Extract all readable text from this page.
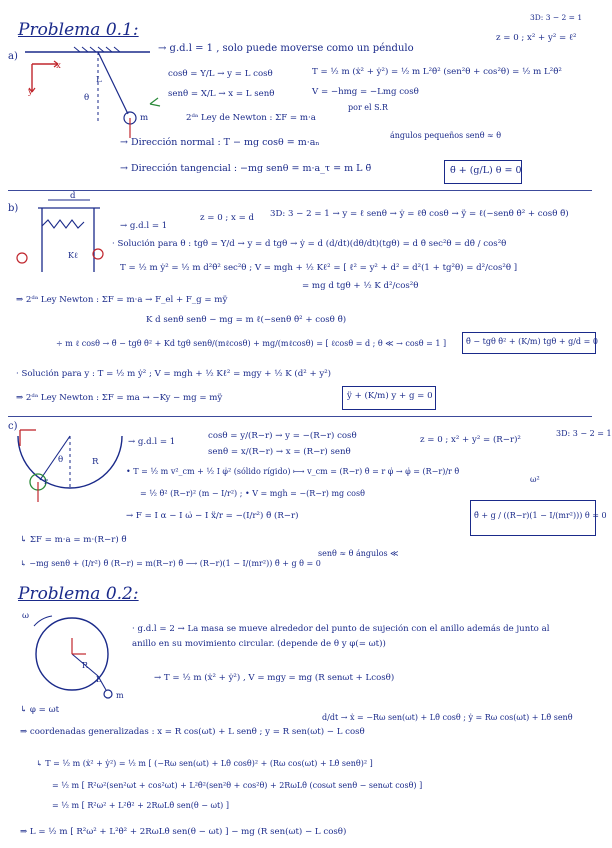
Problema 0.1:
3D: 3 − 2 = 1
a)
x
y
L
θ
m
→ g.d.l = 1 , solo puede moverse como un péndulo
z = 0 ; x² + y² = ℓ²
cosθ = Y/L → y = L cosθ
senθ = X/L → x = L senθ
T = ½ m (ẋ² + ẏ²) = ½ m L²θ̇² (sen²θ + cos²θ) = ½ m L²θ̇²
V = −hmg = −Lmg cosθ
por el S.R
2ᵈᵃ Ley de Newton : ΣF = m·a
→ Dirección normal : T − mg cosθ = m·aₙ
ángulos pequeños senθ ≈ θ
→ Dirección tangencial : −mg senθ = m·a_τ = m L θ̈	θ̈ + (g/L) θ = 0
b)
d
Kℓ
→ g.d.l = 1
z = 0 ; x = d 3D: 3 − 2 = 1 → y = ℓ senθ → ẏ = ℓθ̇ cosθ → ÿ = ℓ(−senθ θ̇² + cosθ θ̈)
· Solución para θ : tgθ = Y/d → y = d tgθ → ẏ = d (d/dt)(dθ/dt)(tgθ) = d θ̇ sec²θ = dθ̇ / cos²θ
T = ½ m ẏ² = ½ m d²θ̇² sec²θ ; V = mgh + ½ Kℓ² = [ ℓ² = y² + d² = d²(1 + tg²θ) = d²/cos²θ ]
= mg d tgθ + ½ K d²/cos²θ
⇒ 2ᵈᵃ Ley Newton : ΣF = m·a → F_el + F_g = mÿ
K d senθ senθ − mg = m ℓ(−senθ θ̇² + cosθ θ̈)
÷ m ℓ cosθ → θ̈ − tgθ θ̇² + Kd tgθ senθ/(mℓcosθ) + mg/(mℓcosθ) = [ ℓcosθ = d ; θ ≪ → cosθ = 1 ] θ̈ − tgθ θ̇² + (K/m) tgθ + g/d = 0
· Solución para y : T = ½ m ẏ² ; V = mgh + ½ Kℓ² = mgy + ½ K (d² + y²)
⇒ 2ᵈᵃ Ley Newton : ΣF = ma → −Ky − mg = mÿ	ÿ + (K/m) y + g = 0
c)
R
θ
r
→ g.d.l = 1
cosθ = y/(R−r) → y = −(R−r) cosθ
senθ = x/(R−r) → x = (R−r) senθ
z = 0 ; x² + y² = (R−r)²
3D: 3 − 2 = 1
• T = ½ m v²_cm + ½ I φ̇² (sólido rígido) ⟼ v_cm = (R−r) θ̇ = r φ̇ → φ̇ = (R−r)/r θ̇
= ½ θ̇² (R−r)² (m − I/r²) ; • V = mgh = −(R−r) mg cosθ
→ F = I α − I ω̇ − I ẍ/r = −(I/r²) θ̈ (R−r)
↳ ΣF = m·a = m·(R−r) θ̈
senθ ≈ θ ángulos ≪
↳ −mg senθ + (I/r²) θ̈ (R−r) = m(R−r) θ̈ ⟶ (R−r)(1 − I/(mr²)) θ̈ + g θ = 0
ω²
θ̈ + g / ((R−r)(1 − I/(mr²))) θ = 0
Problema 0.2:
ω
R
L
m
· g.d.l = 2 → La masa se mueve alrededor del punto de sujeción con el anillo además de junto al anillo en su movimiento circular. (depende de θ y φ(= ωt))
→ T = ½ m (ẋ² + ẏ²) , V = mgy = mg (R senωt + Lcosθ)
↳ φ = ωt
⇒ coordenadas generalizadas : x = R cos(ωt) + L senθ ; y = R sen(ωt) − L cosθ
d/dt → ẋ = −Rω sen(ωt) + Lθ̇ cosθ ; ẏ = Rω cos(ωt) + Lθ̇ senθ
↳ T = ½ m (ẋ² + ẏ²) = ½ m [ (−Rω sen(ωt) + Lθ̇ cosθ)² + (Rω cos(ωt) + Lθ̇ senθ)² ]
= ½ m [ R²ω²(sen²ωt + cos²ωt) + L²θ̇²(sen²θ + cos²θ) + 2RωLθ̇ (cosωt senθ − senωt cosθ) ]
= ½ m [ R²ω² + L²θ̇² + 2RωLθ̇ sen(θ − ωt) ]
⇒ L = ½ m [ R²ω² + L²θ̇² + 2RωLθ̇ sen(θ − ωt) ] − mg (R sen(ωt) − L cosθ)
